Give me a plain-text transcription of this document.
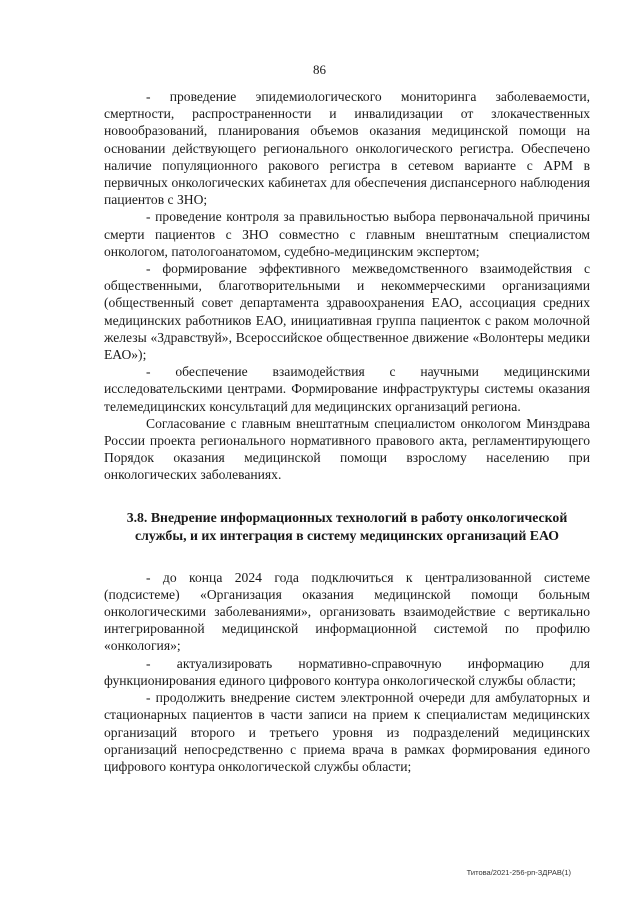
86

- проведение эпидемиологического мониторинга заболеваемости, смертности, распространенности и инвалидизации от злокачественных новообразований, планирования объемов оказания медицинской помощи на основании действующего регионального онкологического регистра. Обеспечено наличие популяционного ракового регистра в сетевом варианте с АРМ в первичных онкологических кабинетах для обеспечения диспансерного наблюдения пациентов с ЗНО;

- проведение контроля за правильностью выбора первоначальной причины смерти пациентов с ЗНО совместно с главным внештатным специалистом онкологом, патологоанатомом, судебно-медицинским экспертом;

- формирование эффективного межведомственного взаимодействия с общественными, благотворительными и некоммерческими организациями (общественный совет департамента здравоохранения ЕАО, ассоциация средних медицинских работников ЕАО, инициативная группа пациенток с раком молочной железы «Здравствуй», Всероссийское общественное движение «Волонтеры медики ЕАО»);

- обеспечение взаимодействия с научными медицинскими исследовательскими центрами. Формирование инфраструктуры системы оказания телемедицинских консультаций для медицинских организаций региона.

Согласование с главным внештатным специалистом онкологом Минздрава России проекта регионального нормативного правового акта, регламентирующего Порядок оказания медицинской помощи взрослому населению при онкологических заболеваниях.

3.8. Внедрение информационных технологий в работу онкологической службы, и их интеграция в систему медицинских организаций ЕАО

- до конца 2024 года подключиться к централизованной системе (подсистеме) «Организация оказания медицинской помощи больным онкологическими заболеваниями», организовать взаимодействие с вертикально интегрированной медицинской информационной системой по профилю «онкология»;

- актуализировать нормативно-справочную информацию для функционирования единого цифрового контура онкологической службы области;

- продолжить внедрение систем электронной очереди для амбулаторных и стационарных пациентов в части записи на прием к специалистам медицинских организаций второго и третьего уровня из подразделений медицинских организаций непосредственно с приема врача в рамках формирования единого цифрового контура онкологической службы области;

Титова/2021-256-рп-ЗДРАВ(1)
